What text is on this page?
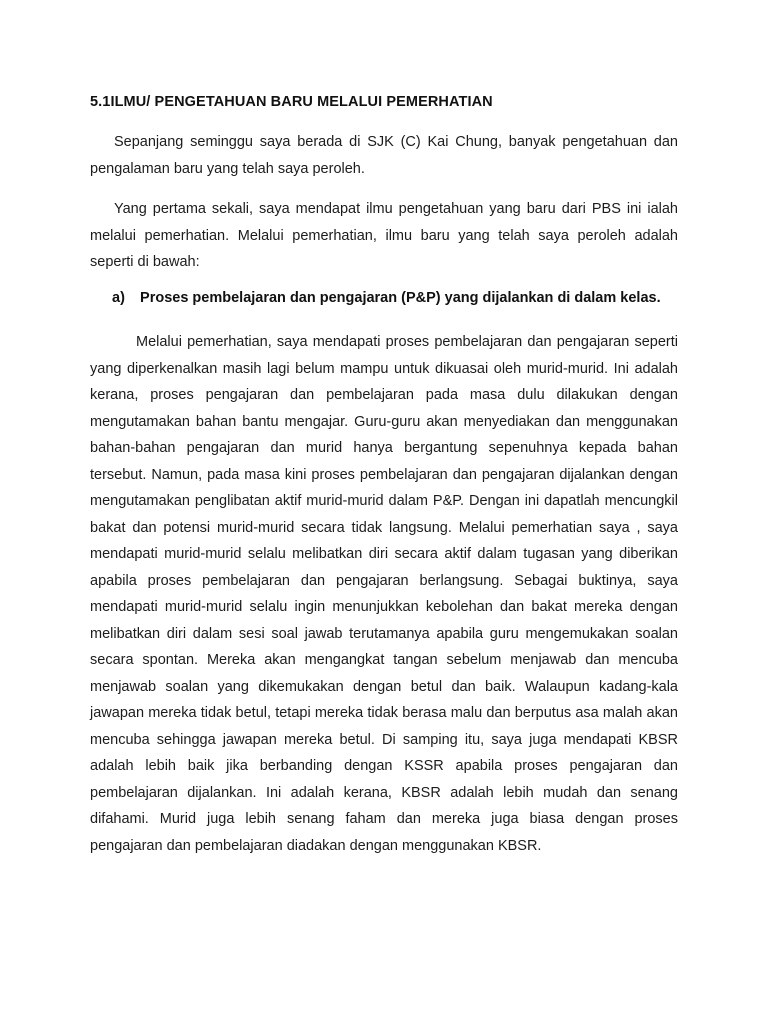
5.1ILMU/ PENGETAHUAN BARU MELALUI PEMERHATIAN

Sepanjang seminggu saya berada di SJK (C) Kai Chung, banyak pengetahuan dan pengalaman baru yang telah saya peroleh.

Yang pertama sekali, saya mendapat ilmu pengetahuan yang baru dari PBS ini ialah melalui pemerhatian. Melalui pemerhatian, ilmu baru yang telah saya peroleh adalah seperti di bawah:

a) Proses pembelajaran dan pengajaran (P&P) yang dijalankan di dalam kelas.

Melalui pemerhatian, saya mendapati proses pembelajaran dan pengajaran seperti yang diperkenalkan masih lagi belum mampu untuk dikuasai oleh murid-murid. Ini adalah kerana, proses pengajaran dan pembelajaran pada masa dulu dilakukan dengan mengutamakan bahan bantu mengajar. Guru-guru akan menyediakan dan menggunakan bahan-bahan pengajaran dan murid hanya bergantung sepenuhnya kepada bahan tersebut. Namun, pada masa kini proses pembelajaran dan pengajaran dijalankan dengan mengutamakan penglibatan aktif murid-murid dalam P&P. Dengan ini dapatlah mencungkil bakat dan potensi murid-murid secara tidak langsung. Melalui pemerhatian saya , saya mendapati murid-murid selalu melibatkan diri secara aktif dalam tugasan yang diberikan apabila proses pembelajaran dan pengajaran berlangsung. Sebagai buktinya, saya mendapati murid-murid selalu ingin menunjukkan kebolehan dan bakat mereka dengan melibatkan diri dalam sesi soal jawab terutamanya apabila guru mengemukakan soalan secara spontan. Mereka akan mengangkat tangan sebelum menjawab dan mencuba menjawab soalan yang dikemukakan dengan betul dan baik. Walaupun kadang-kala jawapan mereka tidak betul, tetapi mereka tidak berasa malu dan berputus asa malah akan mencuba sehingga jawapan mereka betul. Di samping itu, saya juga mendapati KBSR adalah lebih baik jika berbanding dengan KSSR apabila proses pengajaran dan pembelajaran dijalankan. Ini adalah kerana, KBSR adalah lebih mudah dan senang difahami. Murid juga lebih senang faham dan mereka juga biasa dengan proses pengajaran dan pembelajaran diadakan dengan menggunakan KBSR.
